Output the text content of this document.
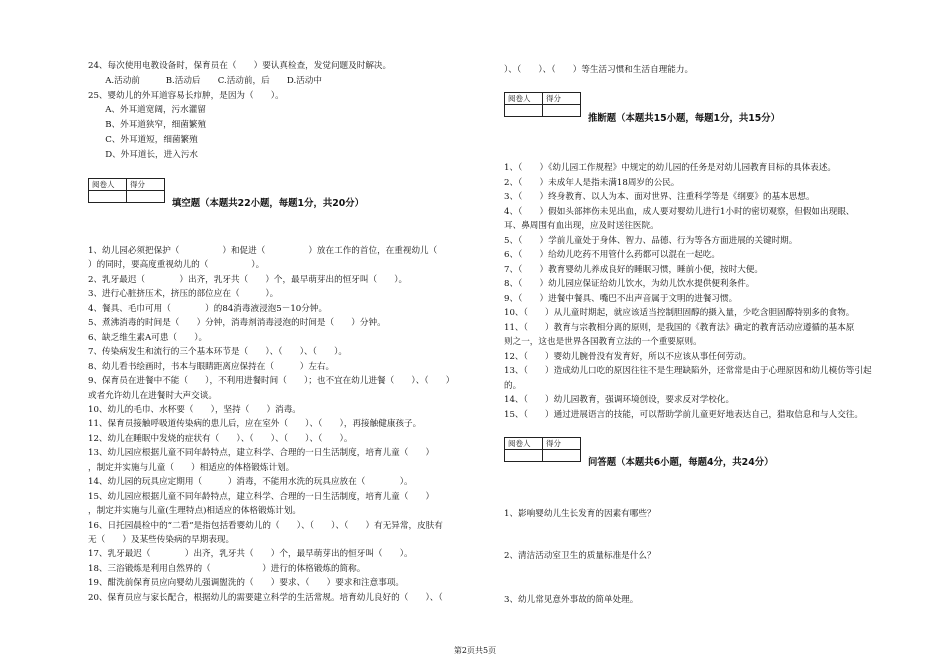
24、每次使用电教设备时，保育员在（　　）要认真检查，发觉问题及时解决。
　　A.活动前　　　B.活动后　　C.活动前，后　　D.活动中
25、婴幼儿的外耳道容易长疖肿，是因为（　　）。
　　A、外耳道宽阔，污水灌留
　　B、外耳道狭窄，细菌繁殖
　　C、外耳道短，细菌繁殖
　　D、外耳道长，进入污水
阅卷人	得分

填空题（本题共22小题，每题1分，共20分）
1、幼儿园必须把保护（　　　　　）和促进（　　　　　）放在工作的首位，在重视幼儿（
）的同时，要高度重视幼儿的（　　　　　）。
2、乳牙最迟（　　　　）出齐，乳牙共（　　）个，最早萌芽出的恒牙叫（　　）。
3、进行心脏挤压术，挤压的部位应在（　　　）。
4、餐具、毛巾可用（　　　　）的84消毒液浸泡5－10分钟。
5、煮沸消毒的时间是（　　）分钟，消毒剂消毒浸泡的时间是（　　）分钟。
6、缺乏维生素A可患（　　）。
7、传染病发生和流行的三个基本环节是（　　）、（　　）、（　　）。
8、幼儿看书绘画时，书本与眼睛距离应保持在（　　　）左右。
9、保育员在进餐中不能（　　），不利用进餐时间（　　）；也不宜在幼儿进餐（　　）、（　　）
或者允许幼儿在进餐时大声交谈。
10、幼儿的毛巾、水杯要（　　），坚持（　　）消毒。
11、保育员接触呼吸道传染病的患儿后，应在室外（　　）、（　　），再接触健康孩子。
12、幼儿在睡眠中发烧的症状有（　　）、（　　）、（　　）、（　　）。
13、幼儿园应根据儿童不同年龄特点，建立科学、合理的一日生活制度，培育儿童（　　）
，制定并实施与儿童（　　）相适应的体格锻炼计划。
14、幼儿园的玩具应定期用（　　　）消毒，不能用水洗的玩具应放在（　　　　）。
15、幼儿园应根据儿童不同年龄特点，建立科学、合理的一日生活制度，培育儿童（　　）
，制定并实施与儿童(生理特点)相适应的体格锻炼计划。
16、日托园晨检中的“二看”是指包括看婴幼儿的（　　）、（　　）、（　　）有无异常，皮肤有
无（　　）及某些传染病的早期表现。
17、乳牙最迟（　　　　）出齐，乳牙共（　　）个，最早萌芽出的恒牙叫（　　）。
18、三浴锻炼是利用自然界的（　　　　　　）进行的体格锻炼的简称。
19、酣洗前保育员应向婴幼儿强调盥洗的（　　）要求、（　　）要求和注意事项。
20、保育员应与家长配合，根据幼儿的需要建立科学的生活常规。培育幼儿良好的（　　）、（
）、（　　）、（　　）等生活习惯和生活自理能力。
阅卷人	得分

推断题（本题共15小题，每题1分，共15分）
1、（　　）《幼儿园工作规程》中规定的幼儿园的任务是对幼儿园教育目标的具体表述。
2、（　　）未成年人是指未满18周岁的公民。
3、（　　）终身教育、以人为本、面对世界、注重科学等是《纲要》的基本思想。
4、（　　）假如头部摔伤未见出血，成人要对婴幼儿进行1小时的密切观察，但假如出现眼、
耳、鼻周围有血出现，应及时送往医院。
5、（　　）学前儿童处于身体、智力、品德、行为等各方面进展的关键时期。
6、（　　）给幼儿吃药不用管什么药都可以混在一起吃。
7、（　　）教育婴幼儿养成良好的睡眠习惯，睡前小便，按时大便。
8、（　　）幼儿园应保证给幼儿饮水，为幼儿饮水提供便利条件。
9、（　　）进餐中餐具、嘴巴不出声音属于文明的进餐习惯。
10、（　　）从儿童时期起，就应该适当控制胆固醇的摄入量，少吃含胆固醇特别多的食物。
11、（　　）教育与宗教相分离的原则，是我国的《教育法》确定的教育活动应遵循的基本原
则之一，这也是世界各国教育立法的一个重要原则。
12、（　　）婴幼儿腕骨没有发育好，所以不应该从事任何劳动。
13、（　　）造成幼儿口吃的原因往往不是生理缺陷外，还常常是由于心理原因和幼儿模仿等引起
的。
14、（　　）幼儿园教育，强调环境创设，要求反对学校化。
15、（　　）通过进展语言的技能，可以帮助学前儿童更好地表达自己，猎取信息和与人交往。
阅卷人	得分

问答题（本题共6小题，每题4分，共24分）
1、影响婴幼儿生长发育的因素有哪些？
2、清洁活动室卫生的质量标准是什么？
3、幼儿常见意外事故的简单处理。
第2页共5页
